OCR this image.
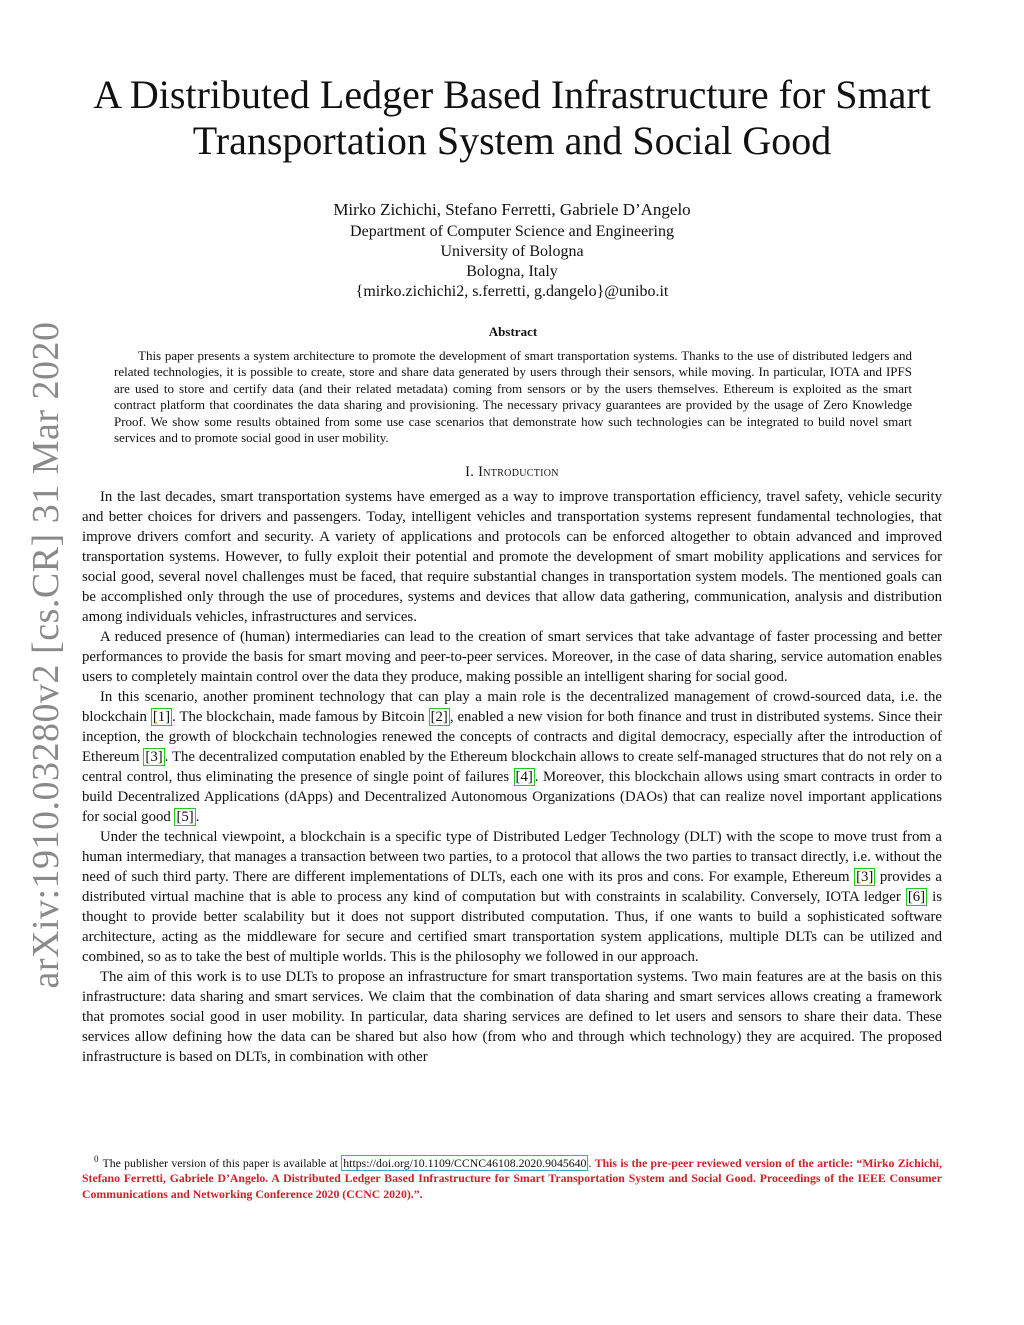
arXiv:1910.03280v2 [cs.CR] 31 Mar 2020
A Distributed Ledger Based Infrastructure for Smart
Transportation System and Social Good
Mirko Zichichi, Stefano Ferretti, Gabriele D’Angelo
Department of Computer Science and Engineering
University of Bologna
Bologna, Italy
{mirko.zichichi2, s.ferretti, g.dangelo}@unibo.it
Abstract

This paper presents a system architecture to promote the development of smart transportation systems. Thanks to the use of distributed ledgers and related technologies, it is possible to create, store and share data generated by users through their sensors, while moving. In particular, IOTA and IPFS are used to store and certify data (and their related metadata) coming from sensors or by the users themselves. Ethereum is exploited as the smart contract platform that coordinates the data sharing and provisioning. The necessary privacy guarantees are provided by the usage of Zero Knowledge Proof. We show some results obtained from some use case scenarios that demonstrate how such technologies can be integrated to build novel smart services and to promote social good in user mobility.

I. Introduction

In the last decades, smart transportation systems have emerged as a way to improve transportation efficiency, travel safety, vehicle security and better choices for drivers and passengers. Today, intelligent vehicles and transportation systems represent fundamental technologies, that improve drivers comfort and security. A variety of applications and protocols can be enforced altogether to obtain advanced and improved transportation systems. However, to fully exploit their potential and promote the development of smart mobility applications and services for social good, several novel challenges must be faced, that require substantial changes in transportation system models. The mentioned goals can be accomplished only through the use of procedures, systems and devices that allow data gathering, communication, analysis and distribution among individuals vehicles, infrastructures and services.

A reduced presence of (human) intermediaries can lead to the creation of smart services that take advantage of faster processing and better performances to provide the basis for smart moving and peer-to-peer services. Moreover, in the case of data sharing, service automation enables users to completely maintain control over the data they produce, making possible an intelligent sharing for social good.

In this scenario, another prominent technology that can play a main role is the decentralized management of crowd-sourced data, i.e. the blockchain [1] . The blockchain, made famous by Bitcoin [2] , enabled a new vision for both finance and trust in distributed systems. Since their inception, the growth of blockchain technologies renewed the concepts of contracts and digital democracy, especially after the introduction of Ethereum [3] . The decentralized computation enabled by the Ethereum blockchain allows to create self-managed structures that do not rely on a central control, thus eliminating the presence of single point of failures [4] . Moreover, this blockchain allows using smart contracts in order to build Decentralized Applications (dApps) and Decentralized Autonomous Organizations (DAOs) that can realize novel important applications for social good [5] .

Under the technical viewpoint, a blockchain is a specific type of Distributed Ledger Technology (DLT) with the scope to move trust from a human intermediary, that manages a transaction between two parties, to a protocol that allows the two parties to transact directly, i.e. without the need of such third party. There are different implementations of DLTs, each one with its pros and cons. For example, Ethereum [3] provides a distributed virtual machine that is able to process any kind of computation but with constraints in scalability. Conversely, IOTA ledger [6] is thought to provide better scalability but it does not support distributed computation. Thus, if one wants to build a sophisticated software architecture, acting as the middleware for secure and certified smart transportation system applications, multiple DLTs can be utilized and combined, so as to take the best of multiple worlds. This is the philosophy we followed in our approach.

The aim of this work is to use DLTs to propose an infrastructure for smart transportation systems. Two main features are at the basis on this infrastructure: data sharing and smart services. We claim that the combination of data sharing and smart services allows creating a framework that promotes social good in user mobility. In particular, data sharing services are defined to let users and sensors to share their data. These services allow defining how the data can be shared but also how (from who and through which technology) they are acquired. The proposed infrastructure is based on DLTs, in combination with other

$^0$ The publisher version of this paper is available at https://doi.org/10.1109/CCNC46108.2020.9045640 . This is the pre-peer reviewed version of the article: “Mirko Zichichi, Stefano Ferretti, Gabriele D’Angelo. A Distributed Ledger Based Infrastructure for Smart Transportation System and Social Good. Proceedings of the IEEE Consumer Communications and Networking Conference 2020 (CCNC 2020).”.
